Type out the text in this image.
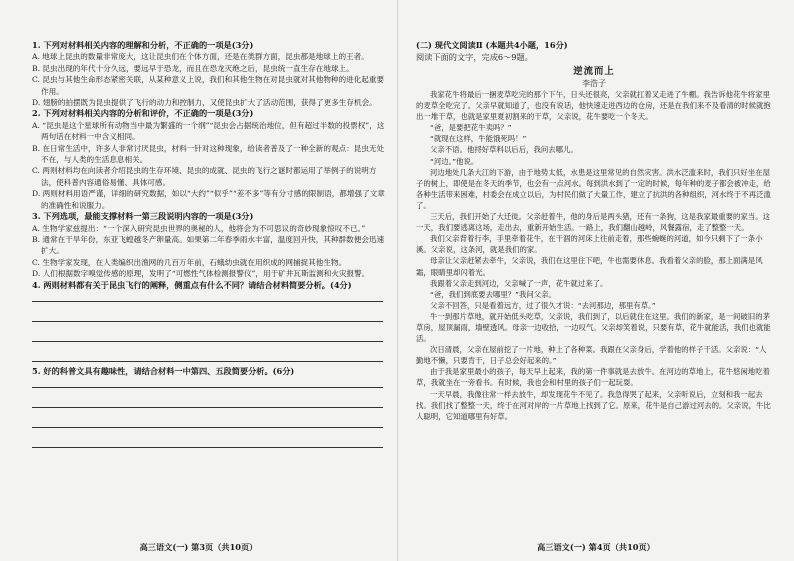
1. 下列对材料相关内容的理解和分析，不正确的一项是(3分)

A. 地球上昆虫的数量非常庞大，这让昆虫们在个体方面，还是在类群方面，昆虫都是地球上的王者。

B. 昆虫出现的年代十分久远，要远早于恐龙，而且在恐龙灭绝之后，昆虫统一直生存在地球上。

C. 昆虫与其他生命形态紧密关联，从某种意义上说，我们和其他生物在对昆虫就对其他物种的进化起重要作用。

D. 翅膀的拍摆既为昆虫提供了飞行的动力和控制力，又使昆虫扩大了活动范围，获得了更多生存机会。

2. 下列对材料相关内容的分析和评价，不正确的一项是(3分)

A. “昆虫是这个星球所有动物当中最为繁盛的一个纲”“昆虫会占据统治地位，但有超过半数的投票权”，这两句话在材料一中含义相同。

B. 在日常生活中，许多人非常讨厌昆虫，材料一针对这种现象，给读者普及了一种全新的观点：昆虫无处不在，与人类的生活息息相关。

C. 两则材料均在向读者介绍昆虫的生存环境、昆虫的成就、昆虫的飞行之谜时都运用了举例子的说明方法，使科普内容通俗易懂、具体可感。

D. 两则材料用语严谨，详细的研究数据，如以“大约”“似乎”“差不多”等有分寸感的限制语，都增强了文章的准确性和说服力。

3. 下列选项，最能支撑材料一第三段说明内容的一项是(3分)

A. 生物学家兹提出：“一个深入研究昆虫世界的奥秘的人，他将会为不可思议的奇妙现象惊叹不已。”

B. 通常在干旱年份，东亚飞蝗越冬产卵量高。如果第二年春季雨水丰富，温度回升快，其种群数便会迅速扩大。

C. 生物学家发现，在人类编织出渔网的几百万年前，石蛾幼虫就在用织成的网捕捉其他生物。

D. 人们根据数字嗅觉传感的原理，发明了“可燃性气体检测报警仪”，用于矿井瓦斯监测和火灾报警。

4. 两则材料都有关于昆虫飞行的阐释，侧重点有什么不同？请结合材料简要分析。(4分)

5. 好的科普文具有趣味性，请结合材料一中第四、五段简要分析。(6分)

高三语文(一) 第3页（共10页）

(二) 现代文阅读Ⅱ (本题共4小题，16分)

阅读下面的文字，完成6～9题。

逆流而上

李浩子

我家花牛将最后一捆麦草吃完的那个下午，日头还很亮，父亲就扛着叉走进了牛棚。我告诉他花牛将家里的麦草全吃完了。父亲早就知道了，也没有说话，他快速走进西边的仓房，还是在我们来不及看清的时候就抱出一堆干草，也就是家里夏初割来的干草，父亲说，花牛要吃一个冬天。

“爸，是要把花牛卖吗？”

“就现在这样，牛能饿死吗！”

父亲不语。他捋好草料以后后，我问去哪儿。

“河边。”他说。

河边地处几条大江的下游，由于地势太低，水患是这里常见的自然灾害。洪水泛滥来时，我们只好坐在屋子的树上，即使是在冬天的季节，也会有一点河水。每到洪水到了一定的时候，每年种的麦子都会被冲走，给各种生活带来困难，村委会在成立以后，为村民们做了大量工作，建立了抗洪的各种组织，河水终于不再泛滥了。

三天后，我们开始了大迁徙。父亲赶着牛，他的身后是两头猪，还有一条狗，这是我家最重要的家当。这一天，我们要逃离这场，走出去，重新开始生活。一路上，我们翻山越岭，风餐露宿，走了整整一天。

我们父亲背着行李，手里牵着花牛，在干涸的河床上往前走着，那些蜿蜒的河道，如今只剩下了一条小溪。父亲说，这条河，就是我们的家。

母亲让父亲赶紧去牵牛，父亲说，我们在这里住下吧，牛也需要休息。我看着父亲的脸，那上面满是风霜，眼睛里却闪着光。

我跟着父亲走到河边，父亲喊了一声，花牛就过来了。

“爸，我们到底要去哪里？”我问父亲。

父亲不回答，只是看着远方，过了很久才说：“去河那边，那里有草。”

牛一到那片草地，就开始低头吃草，父亲说，我们到了，以后就住在这里。我们的新家，是一间破旧的茅草房，屋顶漏雨，墙壁透风。母亲一边收拾，一边叹气。父亲却笑着说，只要有草，花牛就能活，我们也就能活。

次日清晨，父亲在屋前挖了一片地，种上了各种菜。我跟在父亲身后，学着他的样子干活。父亲说：“人勤地不懒，只要肯干，日子总会好起来的。”

由于我是家里最小的孩子，每天早上起来，我的第一件事就是去放牛。在河边的草地上，花牛悠闲地吃着草，我就坐在一旁看书。有时候，我也会和村里的孩子们一起玩耍。

一天早晨，我像往常一样去放牛，却发现花牛不见了。我急得哭了起来，父亲听说后，立刻和我一起去找。我们找了整整一天，终于在河对岸的一片草地上找到了它。原来，花牛是自己游过河去的。父亲说，牛比人聪明，它知道哪里有好草。

高三语文(一) 第4页（共10页）
